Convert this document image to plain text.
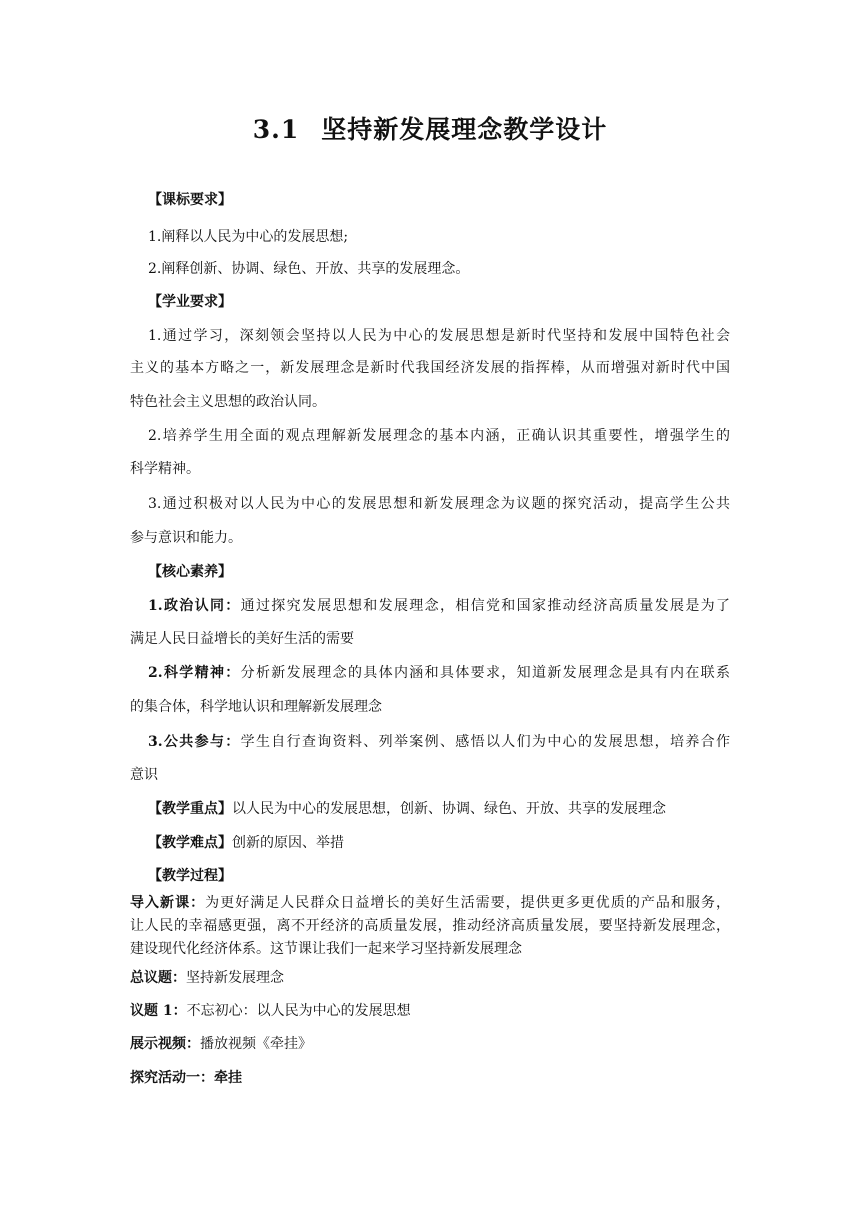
3.1 坚持新发展理念教学设计
【课标要求】
1.阐释以人民为中心的发展思想;
2.阐释创新、协调、绿色、开放、共享的发展理念。
【学业要求】
1.通过学习，深刻领会坚持以人民为中心的发展思想是新时代坚持和发展中国特色社会
主义的基本方略之一，新发展理念是新时代我国经济发展的指挥棒，从而增强对新时代中国
特色社会主义思想的政治认同。
2.培养学生用全面的观点理解新发展理念的基本内涵，正确认识其重要性，增强学生的
科学精神。
3.通过积极对以人民为中心的发展思想和新发展理念为议题的探究活动，提高学生公共
参与意识和能力。
【核心素养】
1.政治认同：通过探究发展思想和发展理念，相信党和国家推动经济高质量发展是为了
满足人民日益增长的美好生活的需要
2.科学精神：分析新发展理念的具体内涵和具体要求，知道新发展理念是具有内在联系
的集合体，科学地认识和理解新发展理念
3.公共参与：学生自行查询资料、列举案例、感悟以人们为中心的发展思想，培养合作
意识
【教学重点】以人民为中心的发展思想，创新、协调、绿色、开放、共享的发展理念
【教学难点】创新的原因、举措
【教学过程】
导入新课：为更好满足人民群众日益增长的美好生活需要，提供更多更优质的产品和服务，
让人民的幸福感更强，离不开经济的高质量发展，推动经济高质量发展，要坚持新发展理念，
建设现代化经济体系。这节课让我们一起来学习坚持新发展理念
总议题：坚持新发展理念
议题 1：不忘初心：以人民为中心的发展思想
展示视频：播放视频《牵挂》
探究活动一：牵挂
